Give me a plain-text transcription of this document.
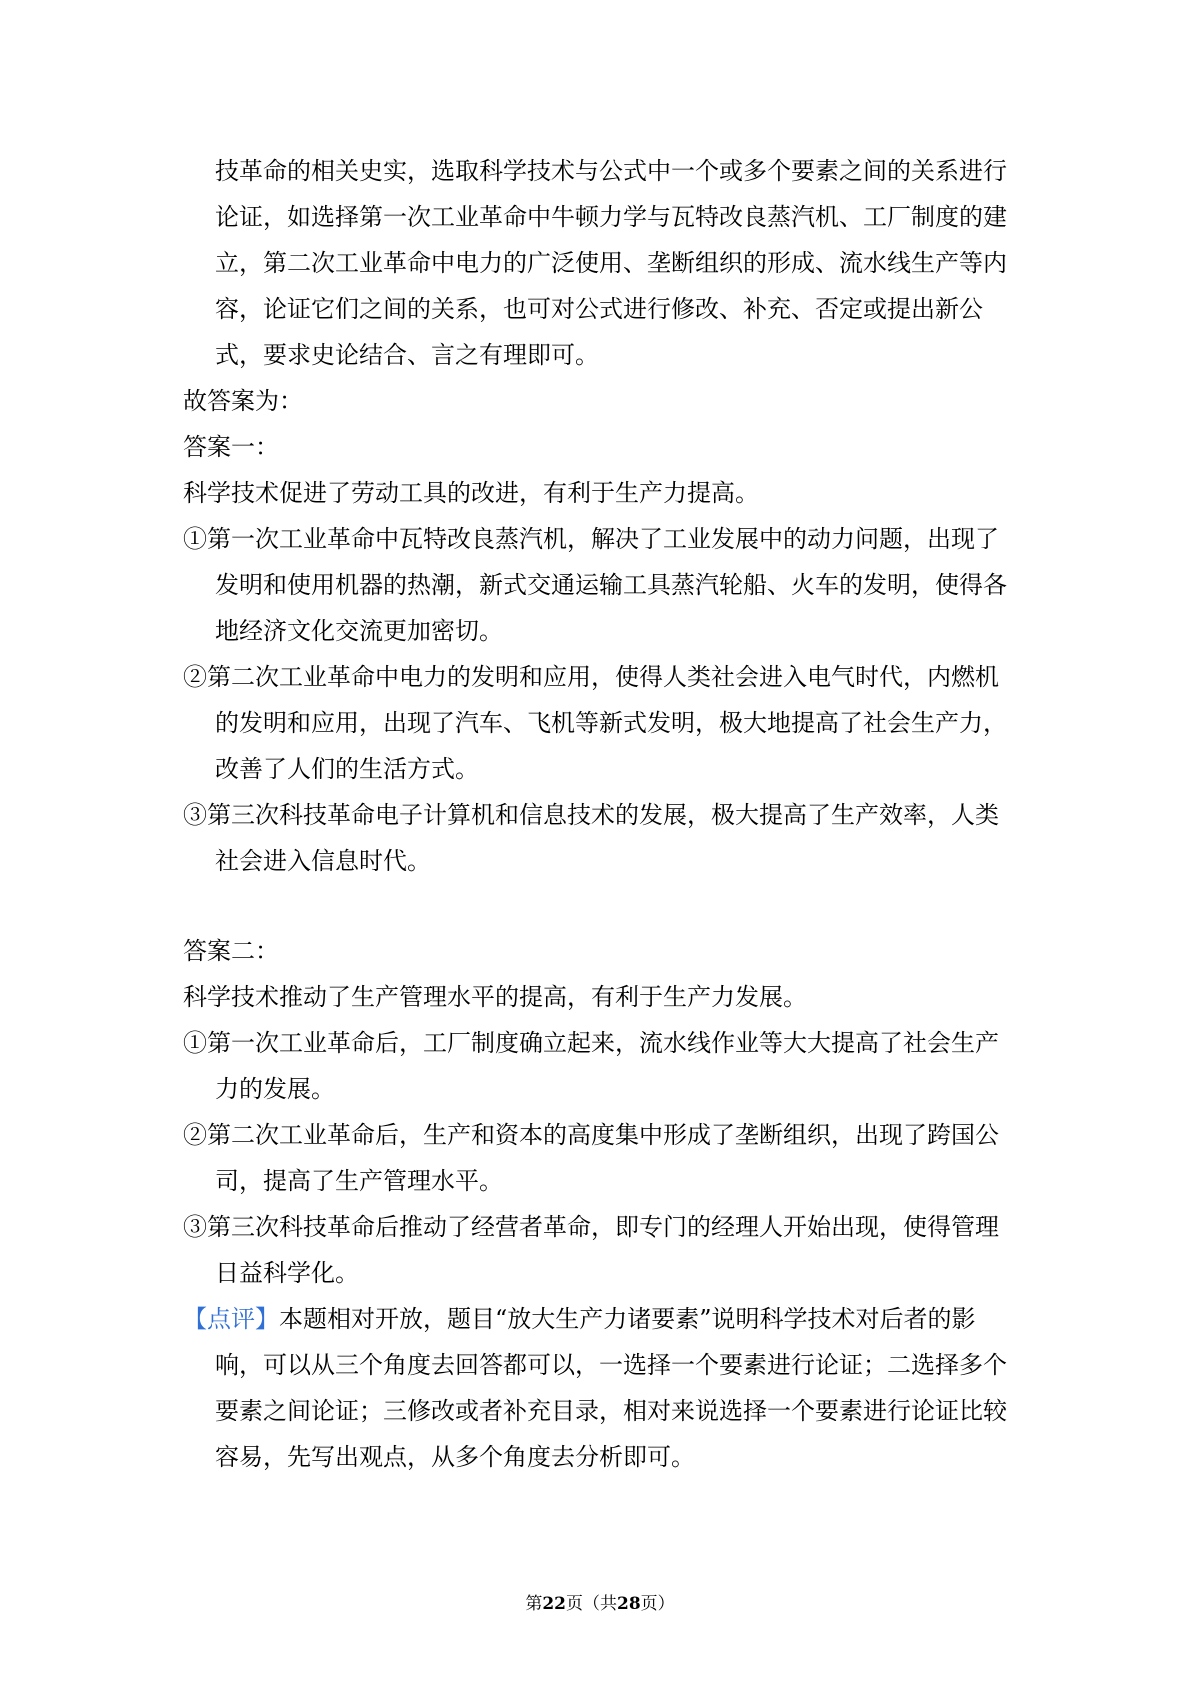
技革命的相关史实，选取科学技术与公式中一个或多个要素之间的关系进行
论证，如选择第一次工业革命中牛顿力学与瓦特改良蒸汽机、工厂制度的建
立，第二次工业革命中电力的广泛使用、垄断组织的形成、流水线生产等内
容，论证它们之间的关系，也可对公式进行修改、补充、否定或提出新公
式，要求史论结合、言之有理即可。
故答案为：
答案一：
科学技术促进了劳动工具的改进，有利于生产力提高。
①第一次工业革命中瓦特改良蒸汽机，解决了工业发展中的动力问题，出现了
发明和使用机器的热潮，新式交通运输工具蒸汽轮船、火车的发明，使得各
地经济文化交流更加密切。
②第二次工业革命中电力的发明和应用，使得人类社会进入电气时代，内燃机
的发明和应用，出现了汽车、飞机等新式发明，极大地提高了社会生产力，
改善了人们的生活方式。
③第三次科技革命电子计算机和信息技术的发展，极大提高了生产效率，人类
社会进入信息时代。
答案二：
科学技术推动了生产管理水平的提高，有利于生产力发展。
①第一次工业革命后，工厂制度确立起来，流水线作业等大大提高了社会生产
力的发展。
②第二次工业革命后，生产和资本的高度集中形成了垄断组织，出现了跨国公
司，提高了生产管理水平。
③第三次科技革命后推动了经营者革命，即专门的经理人开始出现，使得管理
日益科学化。
【点评】本题相对开放，题目“放大生产力诸要素”说明科学技术对后者的影
响，可以从三个角度去回答都可以，一选择一个要素进行论证；二选择多个
要素之间论证；三修改或者补充目录，相对来说选择一个要素进行论证比较
容易，先写出观点，从多个角度去分析即可。
第22页（共28页）
